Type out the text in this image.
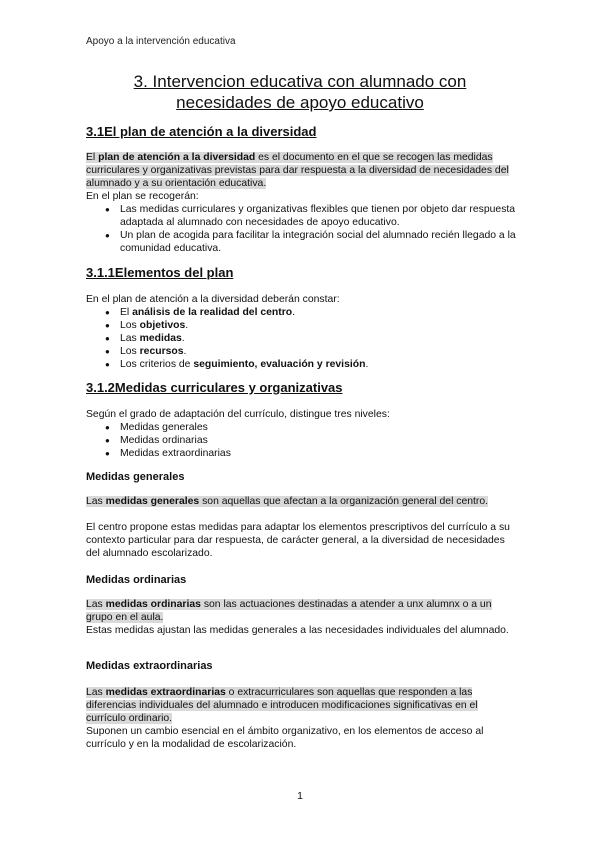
Apoyo a la intervención educativa
3. Intervencion educativa con alumnado con necesidades de apoyo educativo
3.1El plan de atención a la diversidad
El plan de atención a la diversidad es el documento en el que se recogen las medidas curriculares y organizativas previstas para dar respuesta a la diversidad de necesidades del alumnado y a su orientación educativa.
En el plan se recogerán:
● Las medidas curriculares y organizativas flexibles que tienen por objeto dar respuesta adaptada al alumnado con necesidades de apoyo educativo.
● Un plan de acogida para facilitar la integración social del alumnado recién llegado a la comunidad educativa.
3.1.1Elementos del plan
En el plan de atención a la diversidad deberán constar:
● El análisis de la realidad del centro.
● Los objetivos.
● Las medidas.
● Los recursos.
● Los criterios de seguimiento, evaluación y revisión.
3.1.2Medidas curriculares y organizativas
Según el grado de adaptación del currículo, distingue tres niveles:
● Medidas generales
● Medidas ordinarias
● Medidas extraordinarias
Medidas generales
Las medidas generales son aquellas que afectan a la organización general del centro.
El centro propone estas medidas para adaptar los elementos prescriptivos del currículo a su contexto particular para dar respuesta, de carácter general, a la diversidad de necesidades del alumnado escolarizado.
Medidas ordinarias
Las medidas ordinarias son las actuaciones destinadas a atender a unx alumnx o a un grupo en el aula.
Estas medidas ajustan las medidas generales a las necesidades individuales del alumnado.
Medidas extraordinarias
Las medidas extraordinarias o extracurriculares son aquellas que responden a las diferencias individuales del alumnado e introducen modificaciones significativas en el currículo ordinario.
Suponen un cambio esencial en el ámbito organizativo, en los elementos de acceso al currículo y en la modalidad de escolarización.
1
